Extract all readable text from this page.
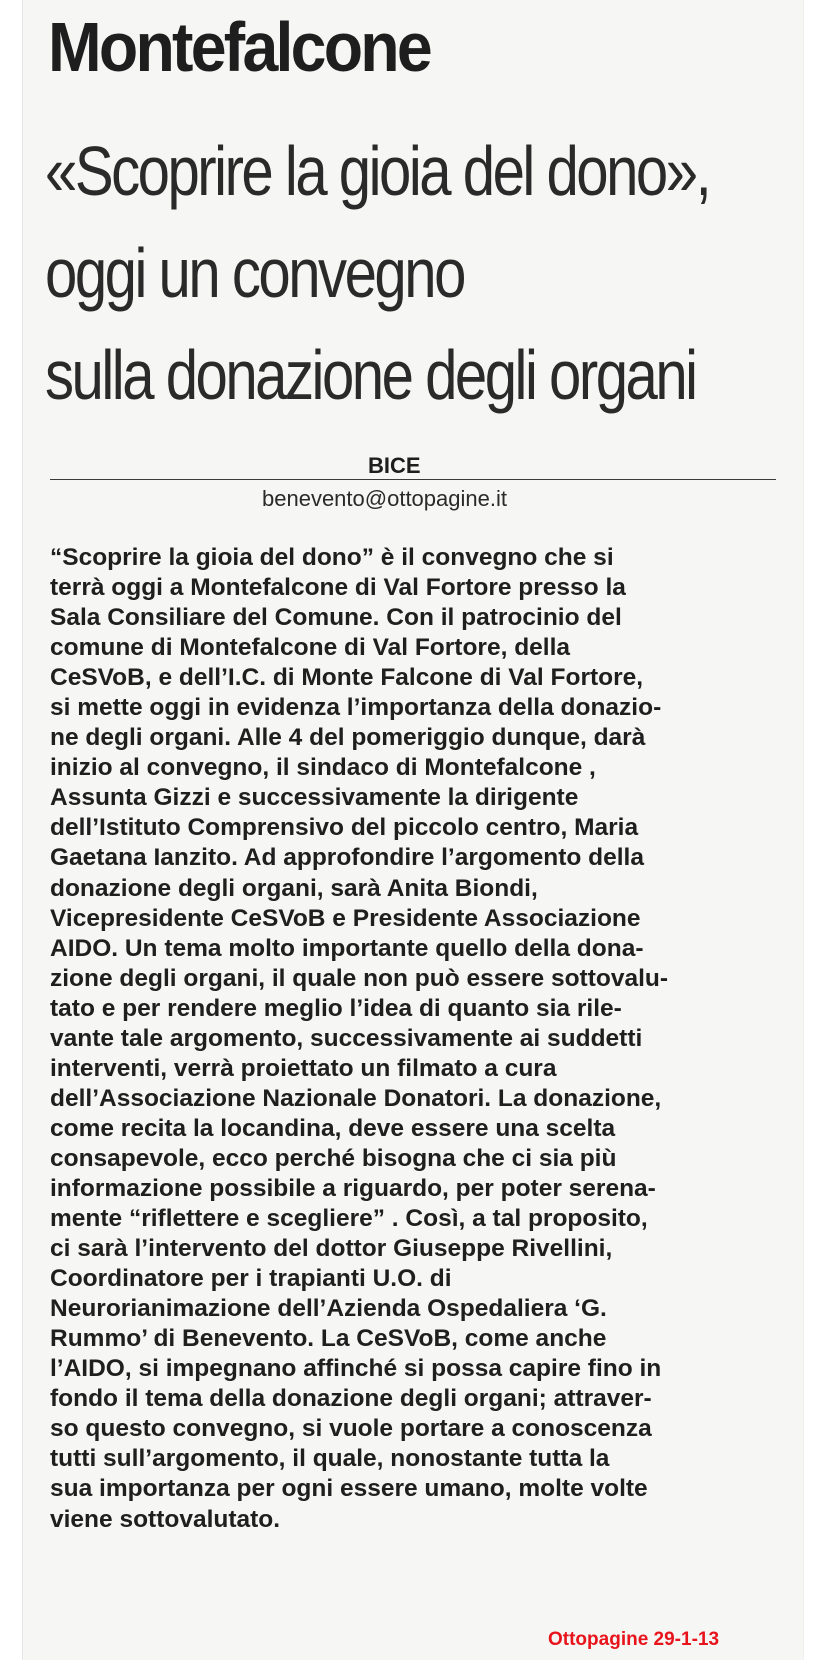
Montefalcone
«Scoprire la gioia del dono»,
oggi un convegno
sulla donazione degli organi
BICE
benevento@ottopagine.it
“Scoprire la gioia del dono” è il convegno che si
terrà oggi a Montefalcone di Val Fortore presso la
Sala Consiliare del Comune. Con il patrocinio del
comune di Montefalcone di Val Fortore, della
CeSVoB, e dell’I.C. di Monte Falcone di Val Fortore,
si mette oggi in evidenza l’importanza della donazio-
ne degli organi. Alle 4 del pomeriggio dunque, darà
inizio al convegno, il sindaco di Montefalcone ,
Assunta Gizzi e successivamente la dirigente
dell’Istituto Comprensivo del piccolo centro, Maria
Gaetana Ianzito. Ad approfondire l’argomento della
donazione degli organi, sarà Anita Biondi,
Vicepresidente CeSVoB e Presidente Associazione
AIDO. Un tema molto importante quello della dona-
zione degli organi, il quale non può essere sottovalu-
tato e per rendere meglio l’idea di quanto sia rile-
vante tale argomento, successivamente ai suddetti
interventi, verrà proiettato un filmato a cura
dell’Associazione Nazionale Donatori. La donazione,
come recita la locandina, deve essere una scelta
consapevole, ecco perché bisogna che ci sia più
informazione possibile a riguardo, per poter serena-
mente “riflettere e scegliere” . Così, a tal proposito,
ci sarà l’intervento del dottor Giuseppe Rivellini,
Coordinatore per i trapianti U.O. di
Neurorianimazione dell’Azienda Ospedaliera ‘G.
Rummo’ di Benevento. La CeSVoB, come anche
l’AIDO, si impegnano affinché si possa capire fino in
fondo il tema della donazione degli organi; attraver-
so questo convegno, si vuole portare a conoscenza
tutti sull’argomento, il quale, nonostante tutta la
sua importanza per ogni essere umano, molte volte
viene sottovalutato.
Ottopagine 29-1-13
